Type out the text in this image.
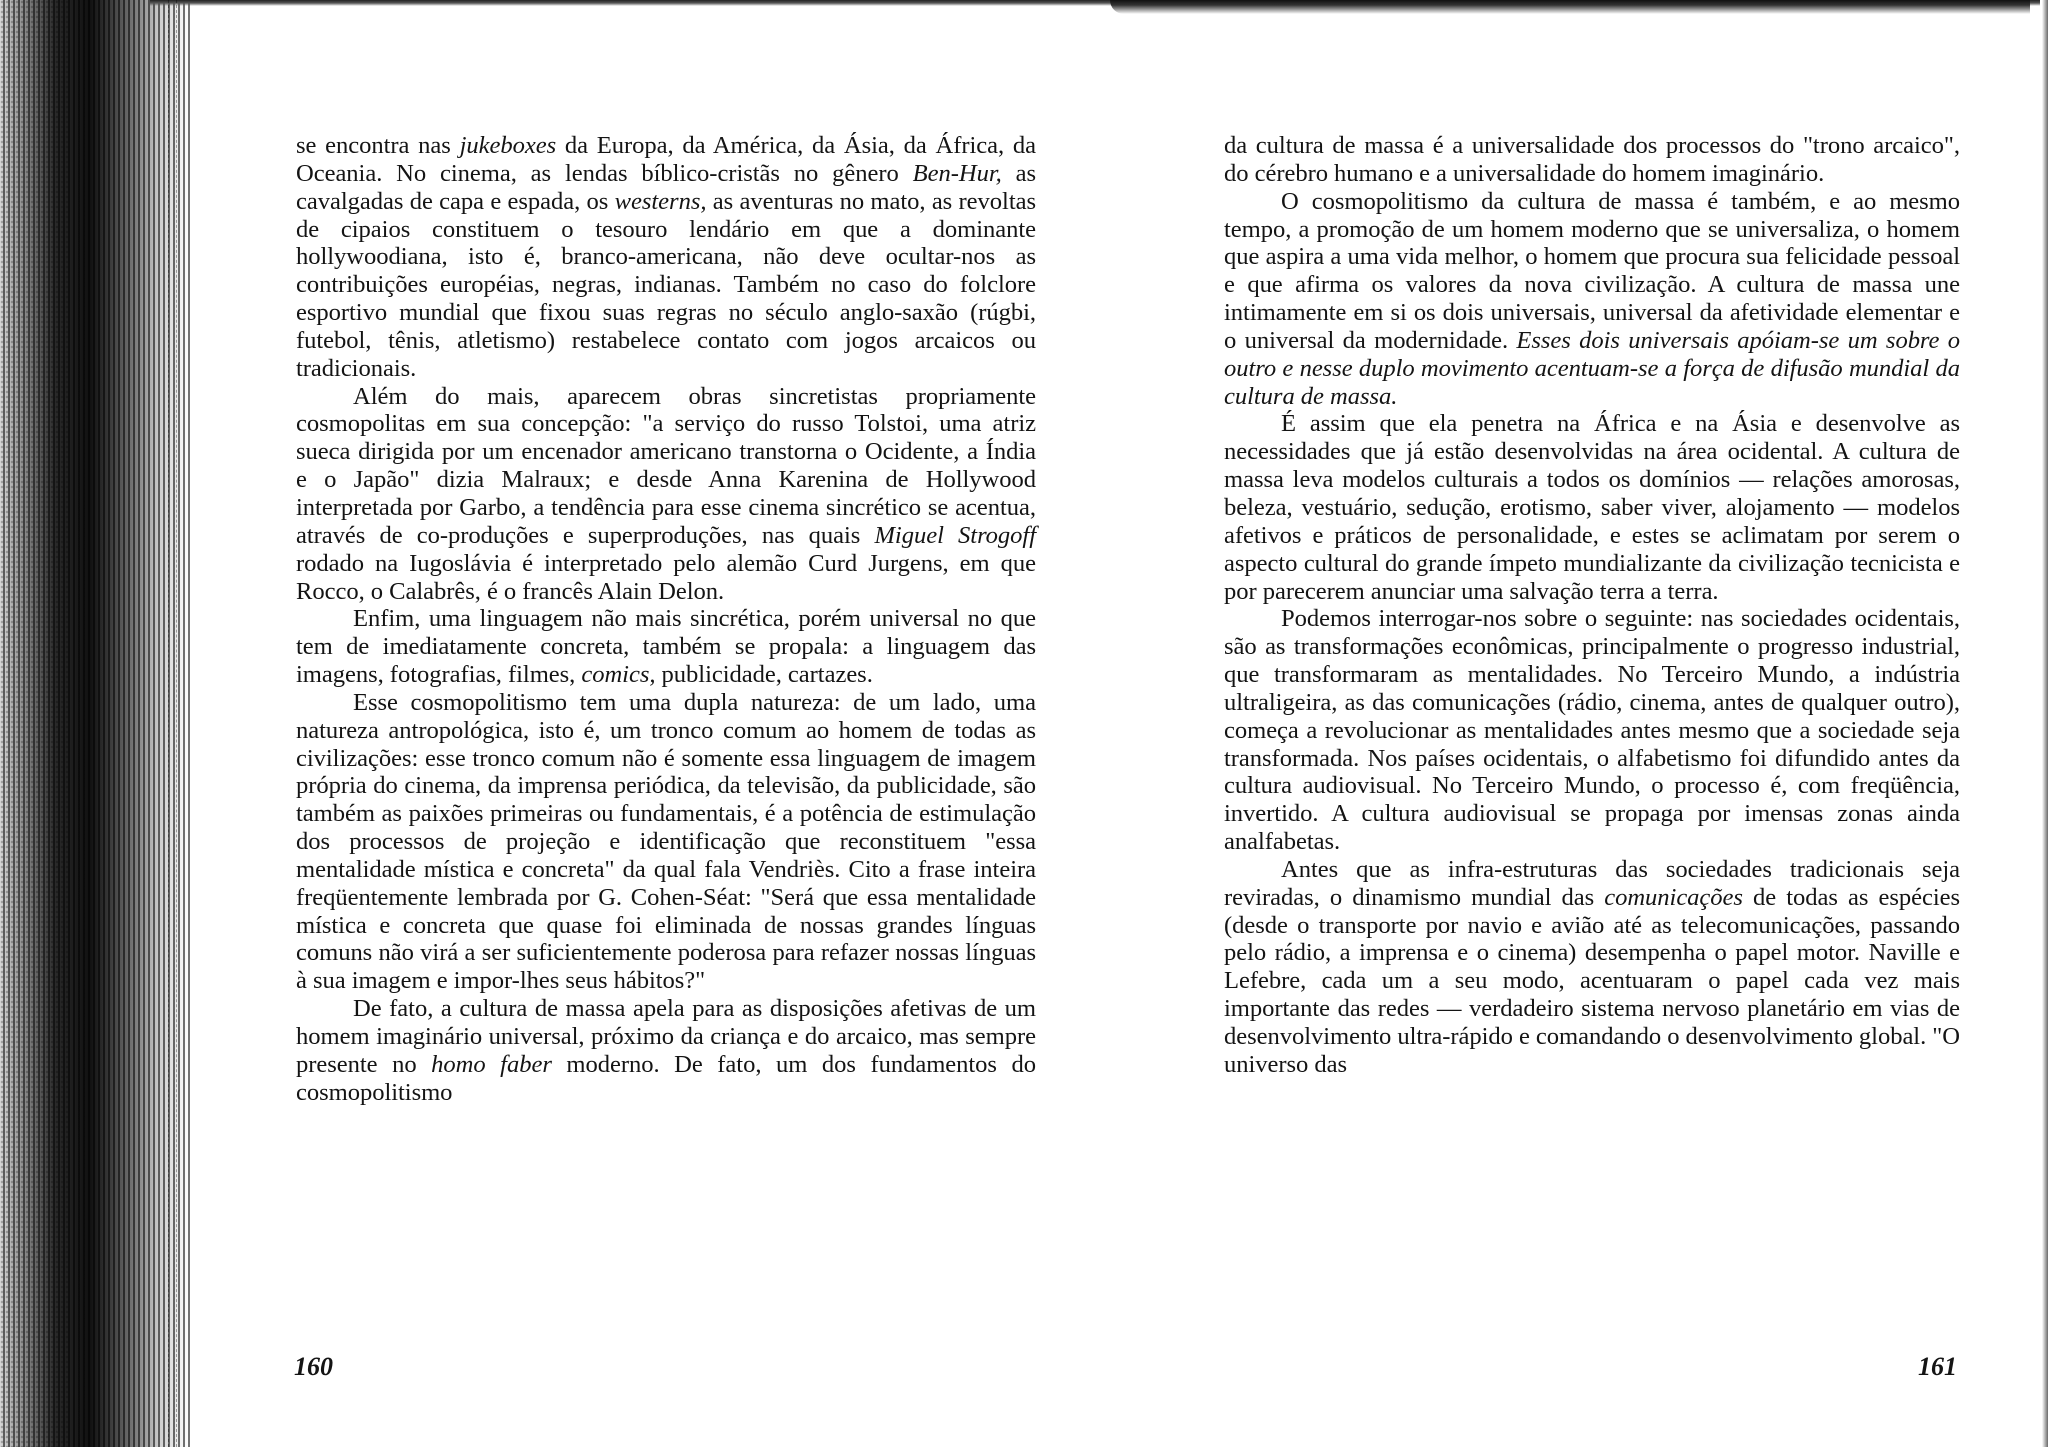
se encontra nas jukeboxes da Europa, da América, da Ásia, da África, da Oceania. No cinema, as lendas bíblico-cristãs no gênero Ben-Hur, as cavalgadas de capa e espada, os westerns, as aventuras no mato, as revoltas de cipaios constituem o tesouro lendário em que a dominante hollywoodiana, isto é, branco-americana, não deve ocultar-nos as contribuições européias, negras, indianas. Também no caso do folclore esportivo mundial que fixou suas regras no século anglo-saxão (rúgbi, futebol, tênis, atletismo) restabelece contato com jogos arcaicos ou tradicionais.

Além do mais, aparecem obras sincretistas propriamente cosmopolitas em sua concepção: "a serviço do russo Tolstoi, uma atriz sueca dirigida por um encenador americano transtorna o Ocidente, a Índia e o Japão" dizia Malraux; e desde Anna Karenina de Hollywood interpretada por Garbo, a tendência para esse cinema sincrético se acentua, através de co-produções e superproduções, nas quais Miguel Strogoff rodado na Iugoslávia é interpretado pelo alemão Curd Jurgens, em que Rocco, o Calabrês, é o francês Alain Delon.

Enfim, uma linguagem não mais sincrética, porém universal no que tem de imediatamente concreta, também se propala: a linguagem das imagens, fotografias, filmes, comics, publicidade, cartazes.

Esse cosmopolitismo tem uma dupla natureza: de um lado, uma natureza antropológica, isto é, um tronco comum ao homem de todas as civilizações: esse tronco comum não é somente essa linguagem de imagem própria do cinema, da imprensa periódica, da televisão, da publicidade, são também as paixões primeiras ou fundamentais, é a potência de estimulação dos processos de projeção e identificação que reconstituem "essa mentalidade mística e concreta" da qual fala Vendriès. Cito a frase inteira freqüentemente lembrada por G. Cohen-Séat: "Será que essa mentalidade mística e concreta que quase foi eliminada de nossas grandes línguas comuns não virá a ser suficientemente poderosa para refazer nossas línguas à sua imagem e impor-lhes seus hábitos?"

De fato, a cultura de massa apela para as disposições afetivas de um homem imaginário universal, próximo da criança e do arcaico, mas sempre presente no homo faber moderno. De fato, um dos fundamentos do cosmopolitismo

160

da cultura de massa é a universalidade dos processos do "trono arcaico", do cérebro humano e a universalidade do homem imaginário.

O cosmopolitismo da cultura de massa é também, e ao mesmo tempo, a promoção de um homem moderno que se universaliza, o homem que aspira a uma vida melhor, o homem que procura sua felicidade pessoal e que afirma os valores da nova civilização. A cultura de massa une intimamente em si os dois universais, universal da afetividade elementar e o universal da modernidade. Esses dois universais apóiam-se um sobre o outro e nesse duplo movimento acentuam-se a força de difusão mundial da cultura de massa.

É assim que ela penetra na África e na Ásia e desenvolve as necessidades que já estão desenvolvidas na área ocidental. A cultura de massa leva modelos culturais a todos os domínios — relações amorosas, beleza, vestuário, sedução, erotismo, saber viver, alojamento — modelos afetivos e práticos de personalidade, e estes se aclimatam por serem o aspecto cultural do grande ímpeto mundializante da civilização tecnicista e por parecerem anunciar uma salvação terra a terra.

Podemos interrogar-nos sobre o seguinte: nas sociedades ocidentais, são as transformações econômicas, principalmente o progresso industrial, que transformaram as mentalidades. No Terceiro Mundo, a indústria ultraligeira, as das comunicações (rádio, cinema, antes de qualquer outro), começa a revolucionar as mentalidades antes mesmo que a sociedade seja transformada. Nos países ocidentais, o alfabetismo foi difundido antes da cultura audiovisual. No Terceiro Mundo, o processo é, com freqüência, invertido. A cultura audiovisual se propaga por imensas zonas ainda analfabetas.

Antes que as infra-estruturas das sociedades tradicionais seja reviradas, o dinamismo mundial das comunicações de todas as espécies (desde o transporte por navio e avião até as telecomunicações, passando pelo rádio, a imprensa e o cinema) desempenha o papel motor. Naville e Lefebre, cada um a seu modo, acentuaram o papel cada vez mais importante das redes — verdadeiro sistema nervoso planetário em vias de desenvolvimento ultra-rápido e comandando o desenvolvimento global. "O universo das

161
